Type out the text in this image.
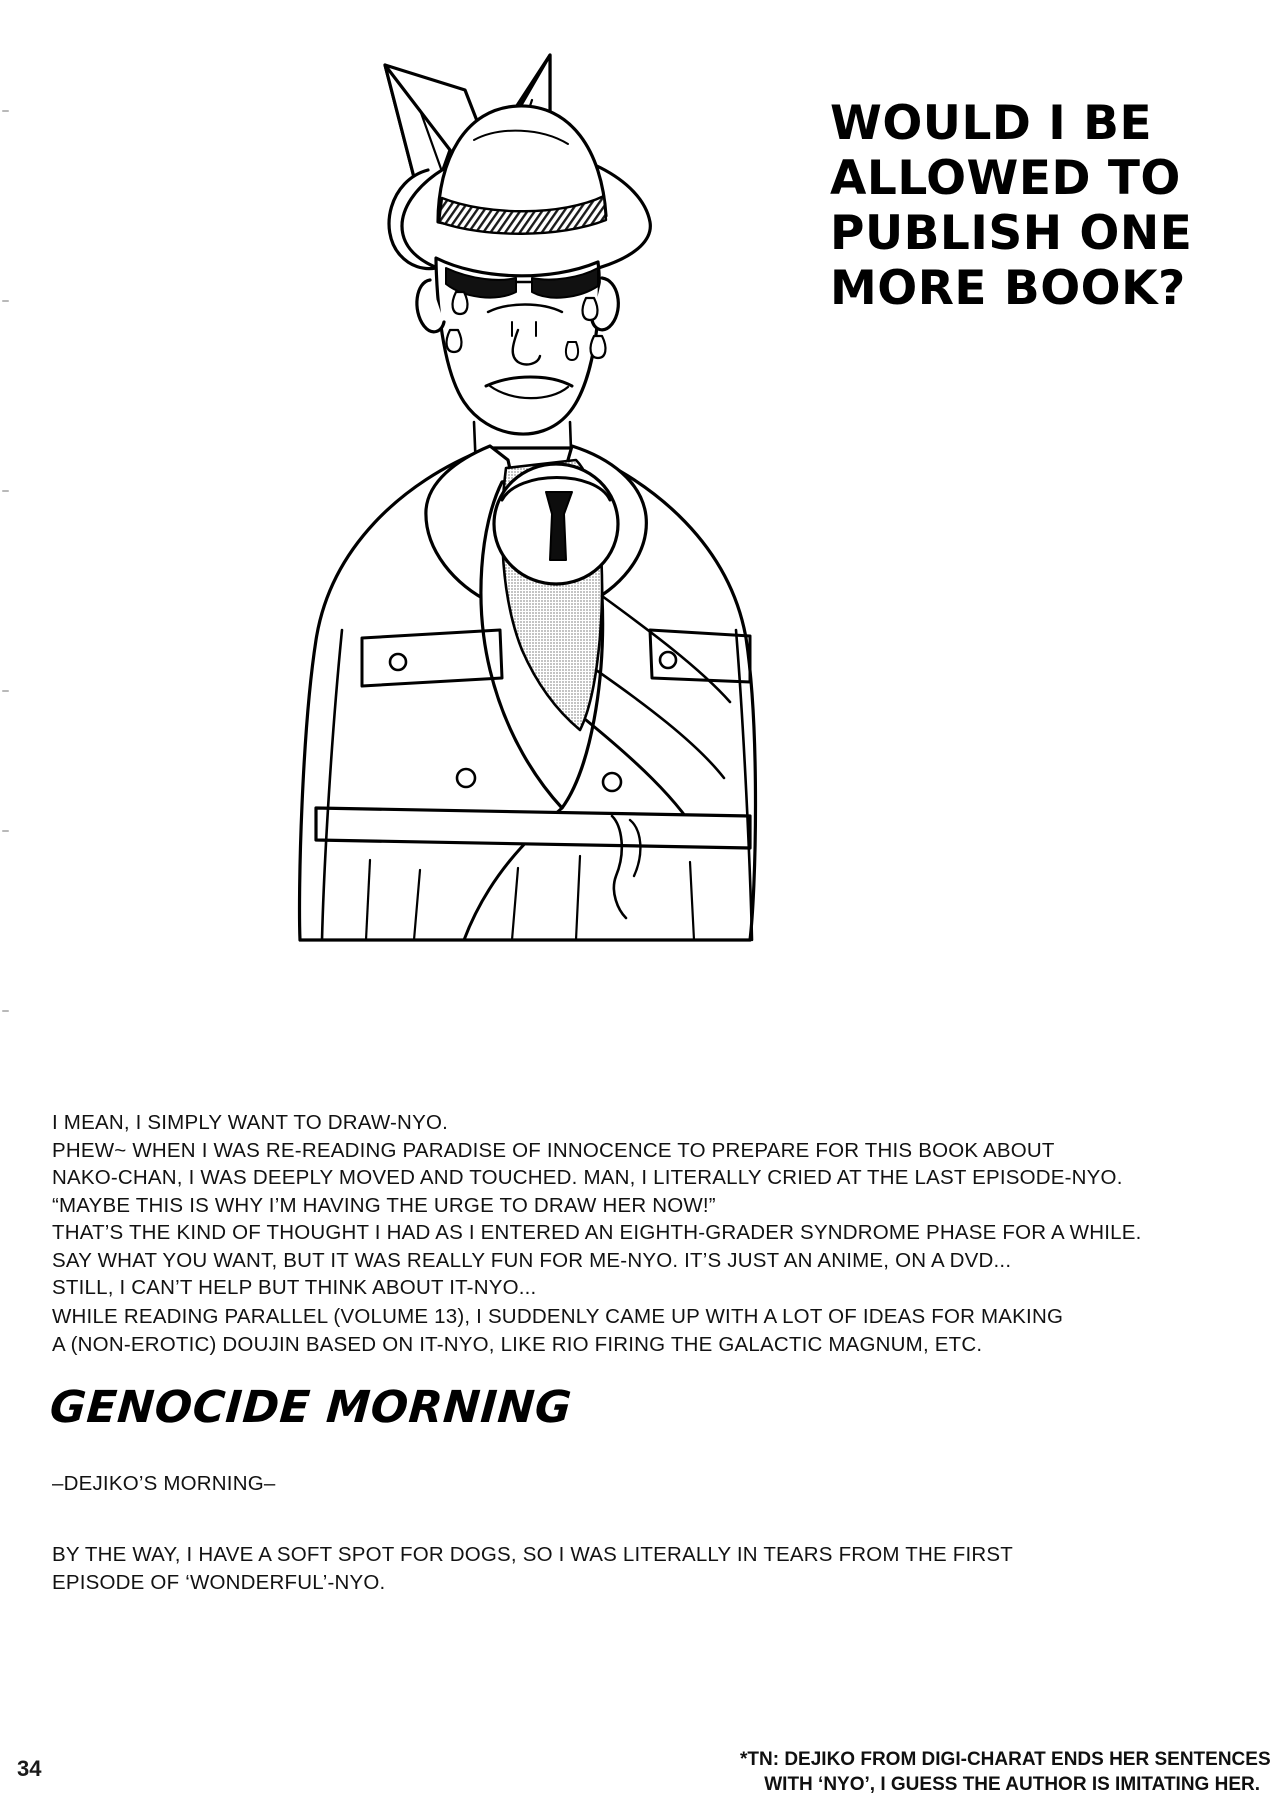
WOULD I BE
ALLOWED TO
PUBLISH ONE
MORE BOOK?

I MEAN, I SIMPLY WANT TO DRAW-NYO.

PHEW~ WHEN I WAS RE-READING PARADISE OF INNOCENCE TO PREPARE FOR THIS BOOK ABOUT

NAKO-CHAN, I WAS DEEPLY MOVED AND TOUCHED. MAN, I LITERALLY CRIED AT THE LAST EPISODE-NYO.

“MAYBE THIS IS WHY I’M HAVING THE URGE TO DRAW HER NOW!”

THAT’S THE KIND OF THOUGHT I HAD AS I ENTERED AN EIGHTH-GRADER SYNDROME PHASE FOR A WHILE.

SAY WHAT YOU WANT, BUT IT WAS REALLY FUN FOR ME-NYO. IT’S JUST AN ANIME, ON A DVD...

STILL, I CAN’T HELP BUT THINK ABOUT IT-NYO...

WHILE READING PARALLEL (VOLUME 13), I SUDDENLY CAME UP WITH A LOT OF IDEAS FOR MAKING

A (NON-EROTIC) DOUJIN BASED ON IT-NYO, LIKE RIO FIRING THE GALACTIC MAGNUM, ETC.

GENOCIDE MORNING
–DEJIKO’S MORNING–

BY THE WAY, I HAVE A SOFT SPOT FOR DOGS, SO I WAS LITERALLY IN TEARS FROM THE FIRST

EPISODE OF ‘WONDERFUL’-NYO.

34	*TN: DEJIKO FROM DIGI-CHARAT ENDS HER SENTENCES

WITH ‘NYO’, I GUESS THE AUTHOR IS IMITATING HER.
